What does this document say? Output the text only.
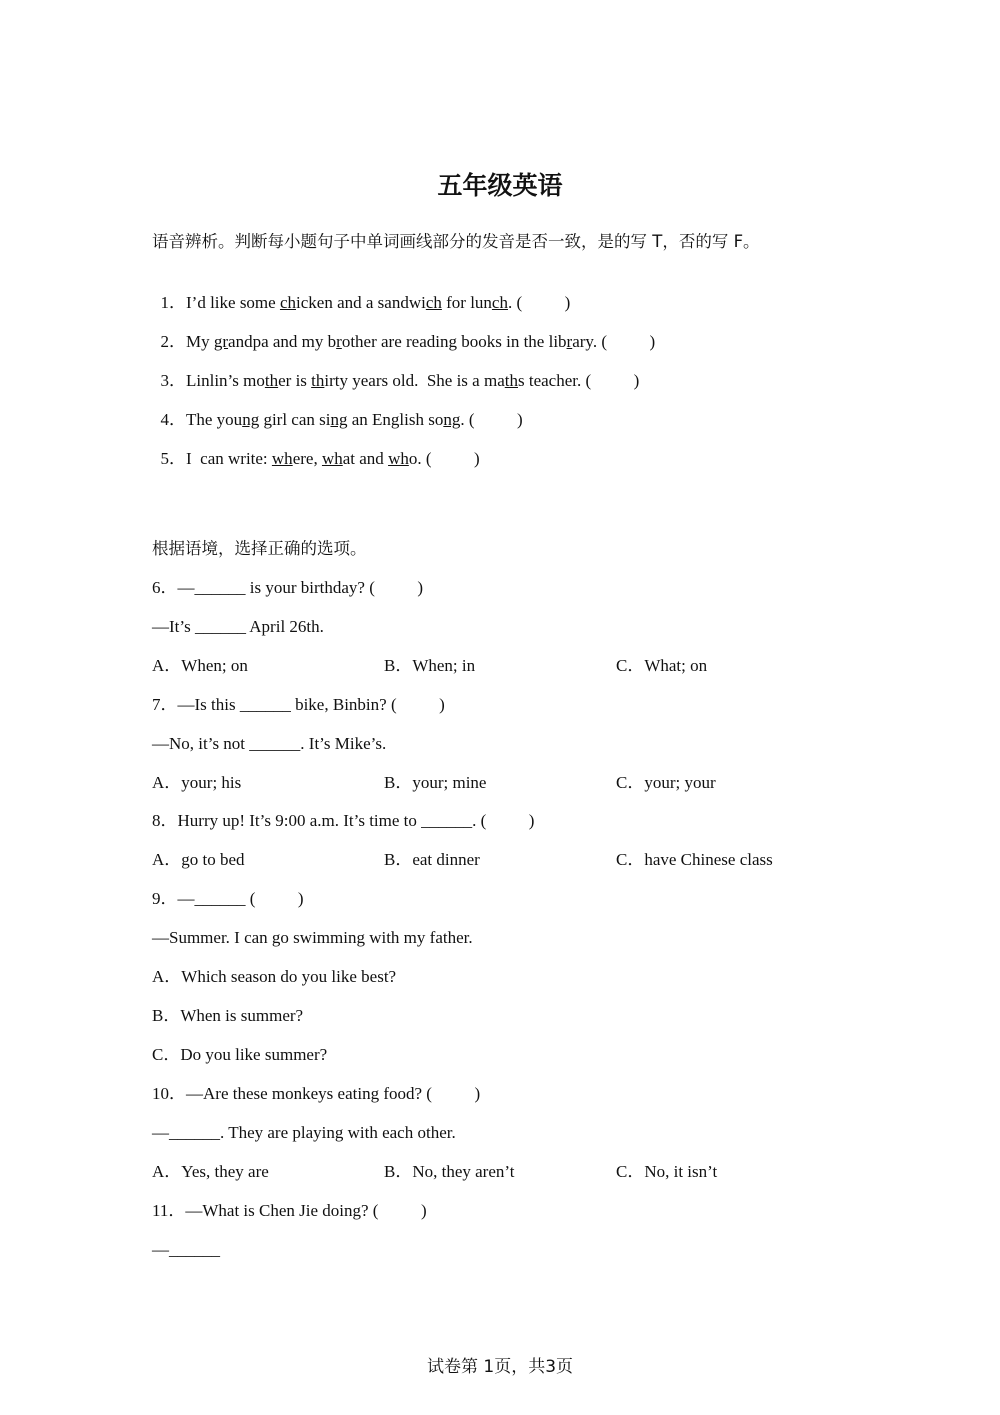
五年级英语
语音辨析。判断每小题句子中单词画线部分的发音是否一致，是的写 T，否的写 F。

1．I’d like some chicken and a sandwich for lunch. (          )

2．My grandpa and my brother are reading books in the library. (          )

3．Linlin’s mother is thirty years old.  She is a maths teacher. (          )

4．The young girl can sing an English song. (          )

5．I  can write: where, what and who. (          )

根据语境，选择正确的选项。
6．—______ is your birthday? (          )
—It’s ______ April 26th.
A．When; on	B．When; in	C．What; on
7．—Is this ______ bike, Binbin? (          )
—No, it’s not ______. It’s Mike’s.
A．your; his	B．your; mine	C．your; your
8．Hurry up! It’s 9:00 a.m. It’s time to ______. (          )
A．go to bed	B．eat dinner	C．have Chinese class
9．—______ (          )
—Summer. I can go swimming with my father.
A．Which season do you like best?
B．When is summer?
C．Do you like summer?
10．—Are these monkeys eating food? (          )
—______. They are playing with each other.
A．Yes, they are	B．No, they aren’t	C．No, it isn’t
11．—What is Chen Jie doing? (          )
—______
试卷第 1页，共3页
